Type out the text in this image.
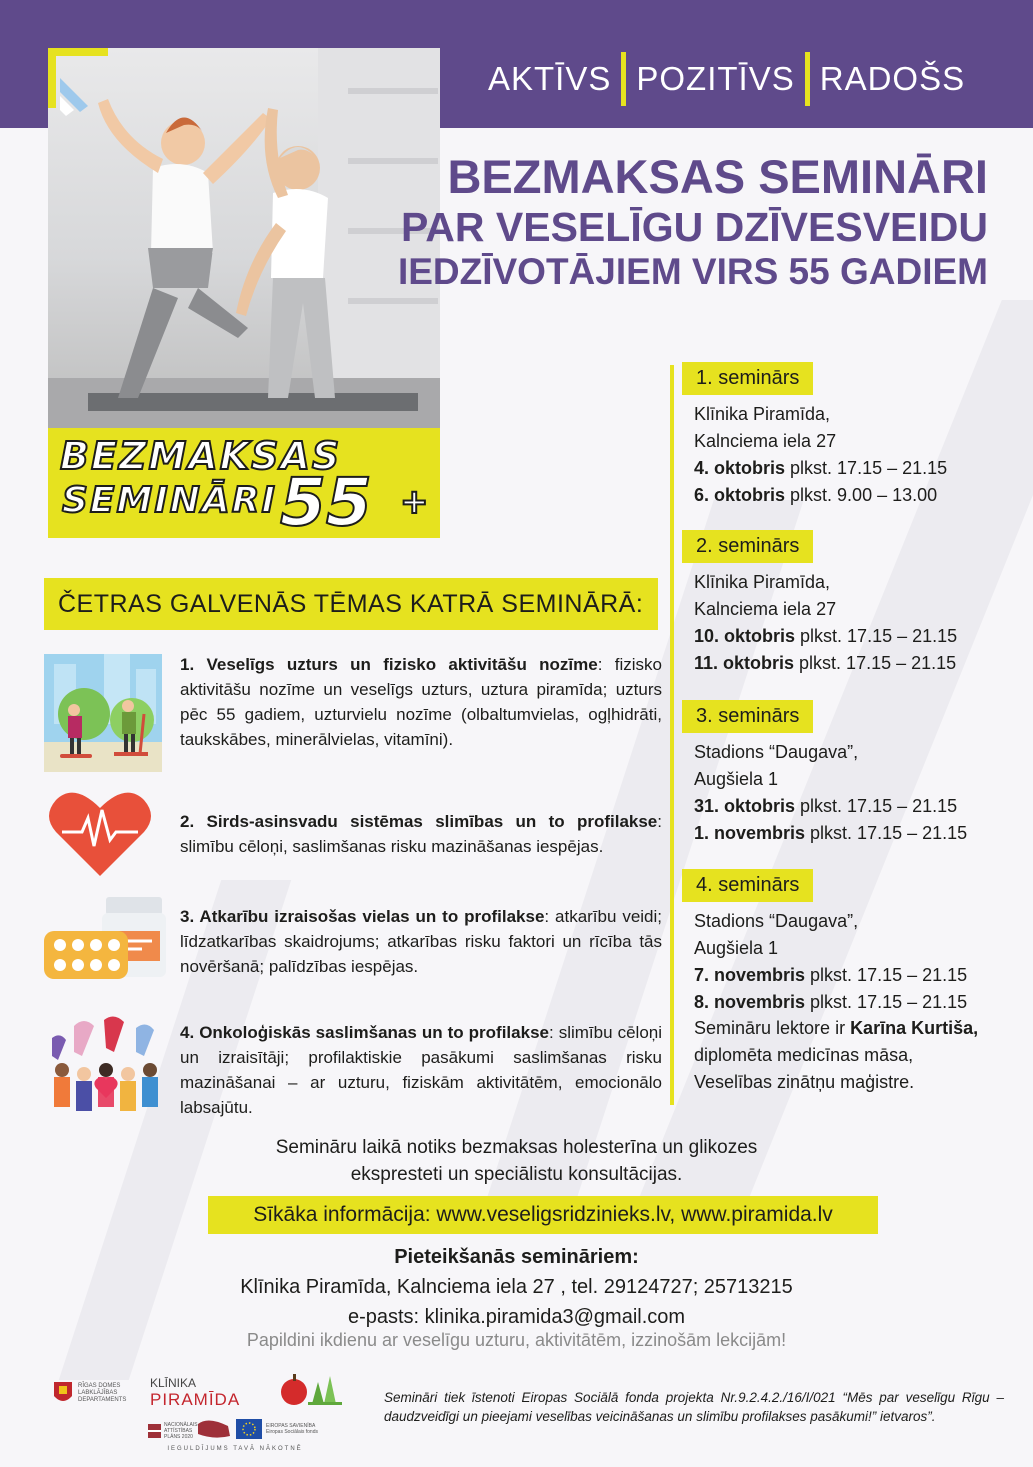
AKTĪVS POZITĪVS RADOŠS
BEZMAKSAS
SEMINĀRI 55 +
BEZMAKSAS SEMINĀRI
PAR VESELĪGU DZĪVESVEIDU
IEDZĪVOTĀJIEM VIRS 55 GADIEM
1. seminārs
Klīnika Piramīda,
Kalnciema iela 27
4. oktobris plkst. 17.15 – 21.15
6. oktobris plkst. 9.00 – 13.00
2. seminārs
Klīnika Piramīda,
Kalnciema iela 27
10. oktobris plkst. 17.15 – 21.15
11. oktobris plkst. 17.15 – 21.15
3. seminārs
Stadions “Daugava”,
Augšiela 1
31. oktobris plkst. 17.15 – 21.15
1. novembris plkst. 17.15 – 21.15
4. seminārs
Stadions “Daugava”,
Augšiela 1
7. novembris plkst. 17.15 – 21.15
8. novembris plkst. 17.15 – 21.15
Semināru lektore ir Karīna Kurtiša,
diplomēta medicīnas māsa,
Veselības zinātņu maģistre.
ČETRAS GALVENĀS TĒMAS KATRĀ SEMINĀRĀ:
1. Veselīgs uzturs un fizisko aktivitāšu nozīme: fizisko aktivitāšu nozīme un veselīgs uzturs, uztura piramīda; uzturs pēc 55 gadiem, uzturvielu nozīme (olbaltumvielas, ogļhidrāti, taukskābes, minerālvielas, vitamīni).
2. Sirds-asinsvadu sistēmas slimības un to profilakse: slimību cēloņi, saslimšanas risku mazināšanas iespējas.
3. Atkarību izraisošas vielas un to profilakse: atkarību veidi; līdzatkarības skaidrojums; atkarības risku faktori un rīcība tās novēršanā; palīdzības iespējas.
4. Onkoloģiskās saslimšanas un to profilakse: slimību cēloņi un izraisītāji; profilaktiskie pasākumi saslimšanas risku mazināšanai – ar uzturu, fiziskām aktivitātēm, emocionālo labsajūtu.
Semināru laikā notiks bezmaksas holesterīna un glikozes
ekspresteti un speciālistu konsultācijas.
Sīkāka informācija: www.veseligsridzinieks.lv, www.piramida.lv
Pieteikšanās semināriem:
Klīnika Piramīda, Kalnciema iela 27 , tel. 29124727; 25713215
e-pasts: klinika.piramida3@gmail.com
Papildini ikdienu ar veselīgu uzturu, aktivitātēm, izzinošām lekcijām!
RĪGAS DOMES LABKLĀJĪBAS DEPARTAMENTS
KLĪNIKA
PIRAMĪDA
NACIONĀLAIS ATTĪSTĪBAS PLĀNS 2020
EIROPAS SAVIENĪBA Eiropas Sociālais fonds
IEGULDĪJUMS TAVĀ NĀKOTNĒ
Semināri tiek īstenoti Eiropas Sociālā fonda projekta Nr.9.2.4.2./16/I/021 “Mēs par veselīgu Rīgu – daudzveidīgi un pieejami veselības veicināšanas un slimību profilakses pasākumi!” ietvaros”.
